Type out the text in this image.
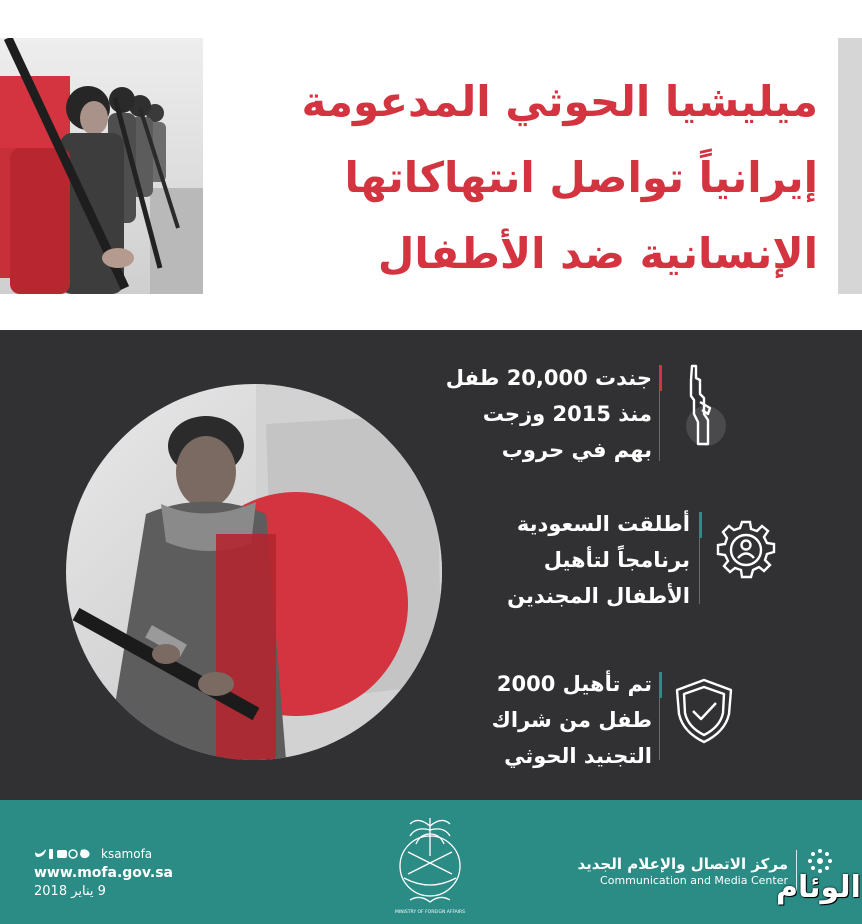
ميليشيا الحوثي المدعومة
إيرانياً تواصل انتهاكاتها
الإنسانية ضد الأطفال
جندت 20,000 طفل
منذ 2015 وزجت
بهم في حروب
أطلقت السعودية
برنامجاً لتأهيل
الأطفال المجندين
تم تأهيل 2000
طفل من شراك
التجنيد الحوثي
ksamofa
www.mofa.gov.sa
9 يناير 2018
MINISTRY OF FOREIGN AFFAIRS
مركز الاتصال والإعلام الجديد
Communication and Media Center
الوئام
